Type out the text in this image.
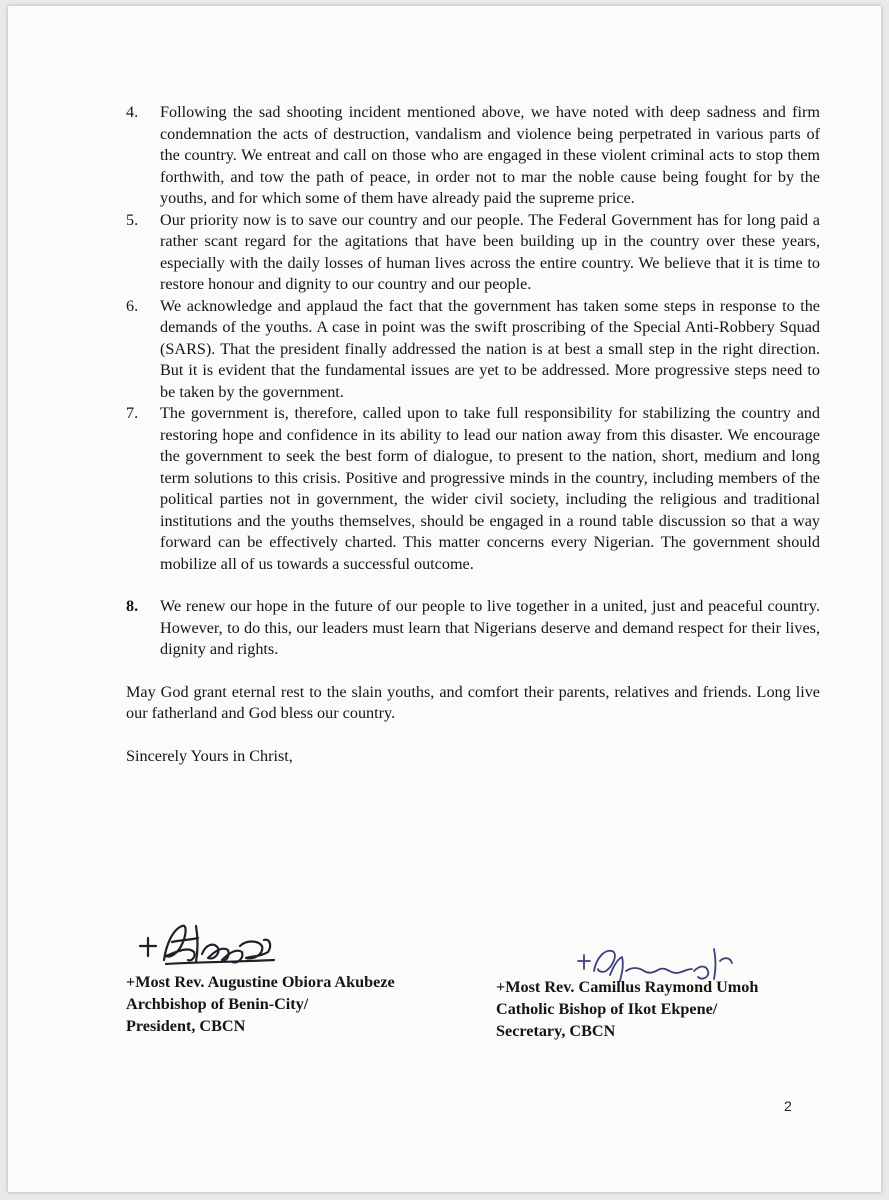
4. Following the sad shooting incident mentioned above, we have noted with deep sadness and firm condemnation the acts of destruction, vandalism and violence being perpetrated in various parts of the country. We entreat and call on those who are engaged in these violent criminal acts to stop them forthwith, and tow the path of peace, in order not to mar the noble cause being fought for by the youths, and for which some of them have already paid the supreme price.

5. Our priority now is to save our country and our people. The Federal Government has for long paid a rather scant regard for the agitations that have been building up in the country over these years, especially with the daily losses of human lives across the entire country. We believe that it is time to restore honour and dignity to our country and our people.

6. We acknowledge and applaud the fact that the government has taken some steps in response to the demands of the youths. A case in point was the swift proscribing of the Special Anti-Robbery Squad (SARS). That the president finally addressed the nation is at best a small step in the right direction. But it is evident that the fundamental issues are yet to be addressed. More progressive steps need to be taken by the government.

7. The government is, therefore, called upon to take full responsibility for stabilizing the country and restoring hope and confidence in its ability to lead our nation away from this disaster. We encourage the government to seek the best form of dialogue, to present to the nation, short, medium and long term solutions to this crisis. Positive and progressive minds in the country, including members of the political parties not in government, the wider civil society, including the religious and traditional institutions and the youths themselves, should be engaged in a round table discussion so that a way forward can be effectively charted. This matter concerns every Nigerian. The government should mobilize all of us towards a successful outcome.

8. We renew our hope in the future of our people to live together in a united, just and peaceful country. However, to do this, our leaders must learn that Nigerians deserve and demand respect for their lives, dignity and rights.

May God grant eternal rest to the slain youths, and comfort their parents, relatives and friends. Long live our fatherland and God bless our country.

Sincerely Yours in Christ,

+Most Rev. Augustine Obiora Akubeze
Archbishop of Benin-City/
President, CBCN
+Most Rev. Camillus Raymond Umoh
Catholic Bishop of Ikot Ekpene/
Secretary, CBCN
2
